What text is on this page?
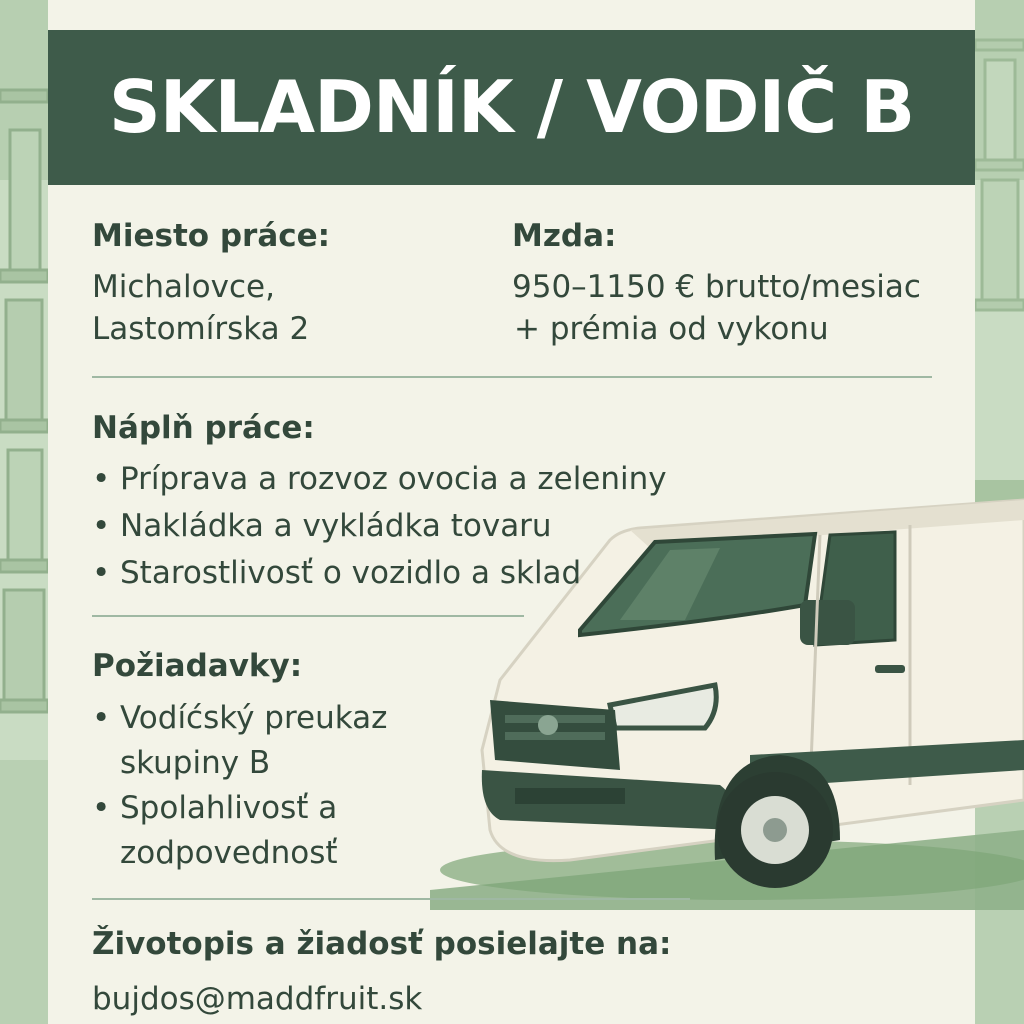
SKLADNÍK / VODIČ B
Miesto práce:
Michalovce,
Lastomírska 2
Mzda:
950–1150 € brutto/mesiac
+ prémia od vykonu
Náplň práce:
• Príprava a rozvoz ovocia a zeleniny
• Nakládka a vykládka tovaru
• Starostlivosť o vozidlo a sklad
Požiadavky:
• Vodíćský preukaz
skupiny B
• Spolahlivosť a
zodpovednosť
Životopis a žiadosť posielajte na:
bujdos@maddfruit.sk
